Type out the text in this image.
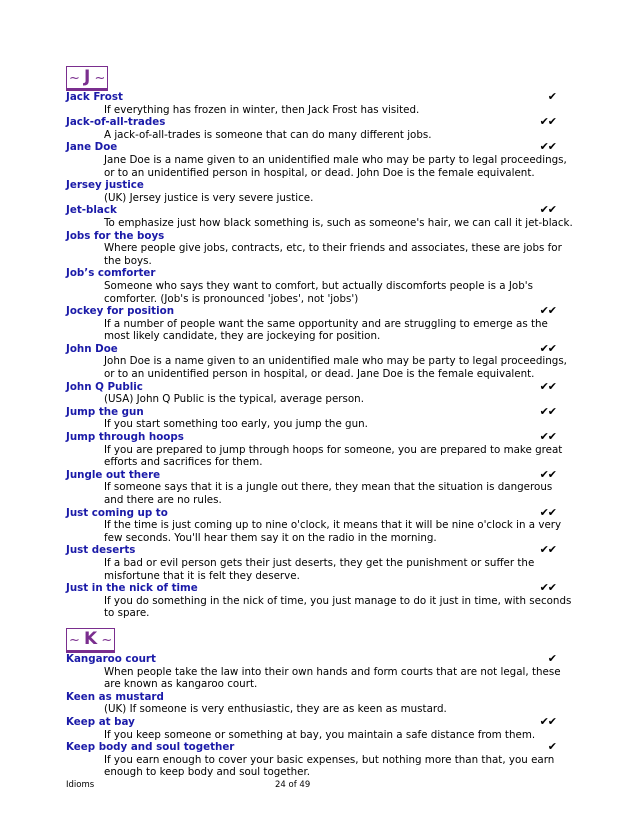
~ J ~
Jack Frost	✔
If everything has frozen in winter, then Jack Frost has visited.
Jack-of-all-trades	✔✔
A jack-of-all-trades is someone that can do many different jobs.
Jane Doe	✔✔
Jane Doe is a name given to an unidentified male who may be party to legal proceedings, or to an unidentified person in hospital, or dead. John Doe is the female equivalent.
Jersey justice
(UK) Jersey justice is very severe justice.
Jet-black	✔✔
To emphasize just how black something is, such as someone's hair, we can call it jet-black.
Jobs for the boys
Where people give jobs, contracts, etc, to their friends and associates, these are jobs for the boys.
Job’s comforter
Someone who says they want to comfort, but actually discomforts people is a Job's comforter. (Job's is pronounced 'jobes', not 'jobs')
Jockey for position	✔✔
If a number of people want the same opportunity and are struggling to emerge as the most likely candidate, they are jockeying for position.
John Doe	✔✔
John Doe is a name given to an unidentified male who may be party to legal proceedings, or to an unidentified person in hospital, or dead. Jane Doe is the female equivalent.
John Q Public	✔✔
(USA) John Q Public is the typical, average person.
Jump the gun	✔✔
If you start something too early, you jump the gun.
Jump through hoops	✔✔
If you are prepared to jump through hoops for someone, you are prepared to make great efforts and sacrifices for them.
Jungle out there	✔✔
If someone says that it is a jungle out there, they mean that the situation is dangerous and there are no rules.
Just coming up to	✔✔
If the time is just coming up to nine o'clock, it means that it will be nine o'clock in a very few seconds. You'll hear them say it on the radio in the morning.
Just deserts	✔✔
If a bad or evil person gets their just deserts, they get the punishment or suffer the misfortune that it is felt they deserve.
Just in the nick of time	✔✔
If you do something in the nick of time, you just manage to do it just in time, with seconds to spare.
~ K ~
Kangaroo court	✔
When people take the law into their own hands and form courts that are not legal, these are known as kangaroo court.
Keen as mustard
(UK) If someone is very enthusiastic, they are as keen as mustard.
Keep at bay	✔✔
If you keep someone or something at bay, you maintain a safe distance from them.
Keep body and soul together	✔
If you earn enough to cover your basic expenses, but nothing more than that, you earn enough to keep body and soul together.
Idioms	24 of 49
